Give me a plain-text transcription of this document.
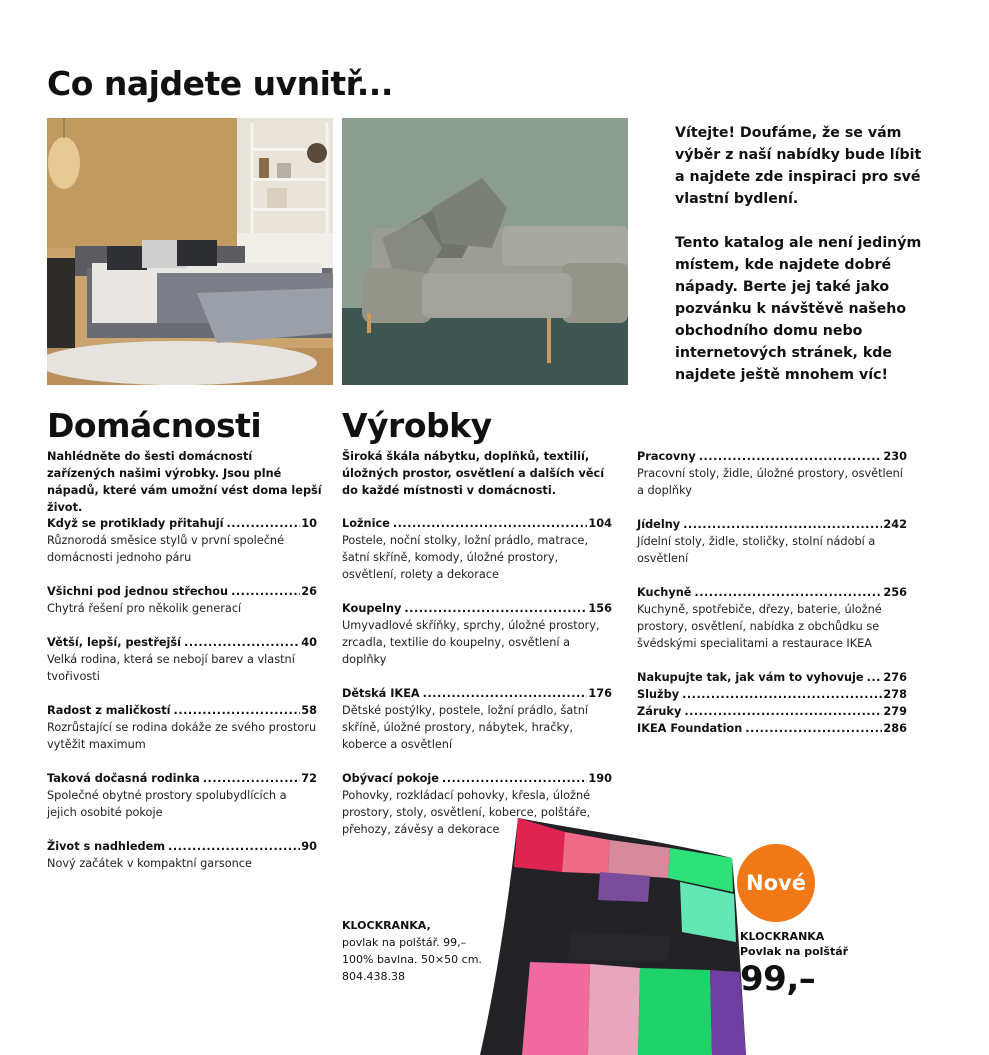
Co najdete uvnitř...

Vítejte! Doufáme, že se vám výběr z naší nabídky bude líbit a najdete zde inspiraci pro své vlastní bydlení.

Tento katalog ale není jediným místem, kde najdete dobré nápady. Berte jej také jako pozvánku k návštěvě našeho obchodního domu nebo internetových stránek, kde najdete ještě mnohem víc!

Domácnosti Výrobky

Nahlédněte do šesti domácností zařízených našimi výrobky. Jsou plné nápadů, které vám umožní vést doma lepší život.

Široká škála nábytku, doplňků, textilií, úložných prostor, osvětlení a dalších věcí do každé místnosti v domácnosti.

Když se protiklady přitahují .....	10
Různorodá směsice stylů v první společné domácnosti jednoho páru
Všichni pod jednou střechou .....	26
Chytrá řešení pro několik generací
Větší, lepší, pestřejší .....	40
Velká rodina, která se nebojí barev a vlastní tvořivosti
Radost z maličkostí .....	58
Rozrůstající se rodina dokáže ze svého prostoru vytěžit maximum
Taková dočasná rodinka .....	72
Společné obytné prostory spolubydlících a jejich osobité pokoje
Život s nadhledem .....	90
Nový začátek v kompaktní garsonce
Ložnice .....	104
Postele, noční stolky, ložní prádlo, matrace, šatní skříně, komody, úložné prostory, osvětlení, rolety a dekorace
Koupelny .....	156
Umyvadlové skříňky, sprchy, úložné prostory, zrcadla, textilie do koupelny, osvětlení a doplňky
Dětská IKEA .....	176
Dětské postýlky, postele, ložní prádlo, šatní skříně, úložné prostory, nábytek, hračky, koberce a osvětlení
Obývací pokoje .....	190
Pohovky, rozkládací pohovky, křesla, úložné prostory, stoly, osvětlení, koberce, polštáře, přehozy, závěsy a dekorace
Pracovny .....	230
Pracovní stoly, židle, úložné prostory, osvětlení a doplňky
Jídelny .....	242
Jídelní stoly, židle, stoličky, stolní nádobí a osvětlení
Kuchyně .....	256
Kuchyně, spotřebiče, dřezy, baterie, úložné prostory, osvětlení, nabídka z obchůdku se švédskými specialitami a restaurace IKEA
Nakupujte tak, jak vám to vyhovuje ..... 276
Služby .....	278
Záruky .....	279
IKEA Foundation .....	286
KLOCKRANKA,
povlak na polštář. 99,–
100% bavlna. 50×50 cm.
804.438.38
Nové
KLOCKRANKA
Povlak na polštář
99,–
